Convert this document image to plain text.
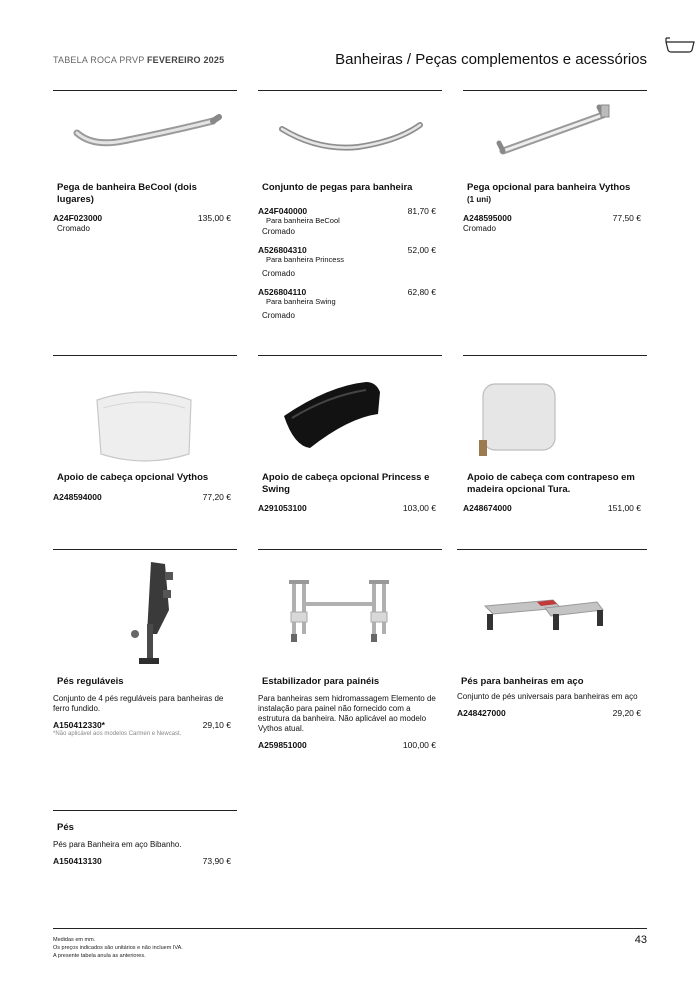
TABELA ROCA PRVP FEVEREIRO 2025	Banheiras / Peças complementos e acessórios
Pega de banheira BeCool (dois lugares)
A24F023000	135,00 €
Cromado
Conjunto de pegas para banheira
A24F040000	81,70 €
Para banheira BeCool
Cromado
A526804310	52,00 €
Para banheira Princess
Cromado
A526804110	62,80 €
Para banheira Swing
Cromado
Pega opcional para banheira Vythos
(1 uni)
A248595000	77,50 €
Cromado
Apoio de cabeça opcional Vythos
A248594000	77,20 €
Apoio de cabeça opcional Princess e Swing
A291053100	103,00 €
Apoio de cabeça com contrapeso em madeira opcional Tura.
A248674000	151,00 €
Pés reguláveis
Conjunto de 4 pés reguláveis para banheiras de ferro fundido.
A150412330*	29,10 €
*Não aplicável aos modelos Carmen e Newcast.
Estabilizador para painéis
Para banheiras sem hidromassagem Elemento de instalação para painel não fornecido com a estrutura da banheira. Não aplicável ao modelo Vythos atual.
A259851000	100,00 €
Pés para banheiras em aço
Conjunto de pés universais para banheiras em aço
A248427000	29,20 €
Pés
Pés para Banheira em aço Bibanho.
A150413130	73,90 €
Medidas em mm.
Os preços indicados são unitários e não incluem IVA.
A presente tabela anula as anteriores.
43
